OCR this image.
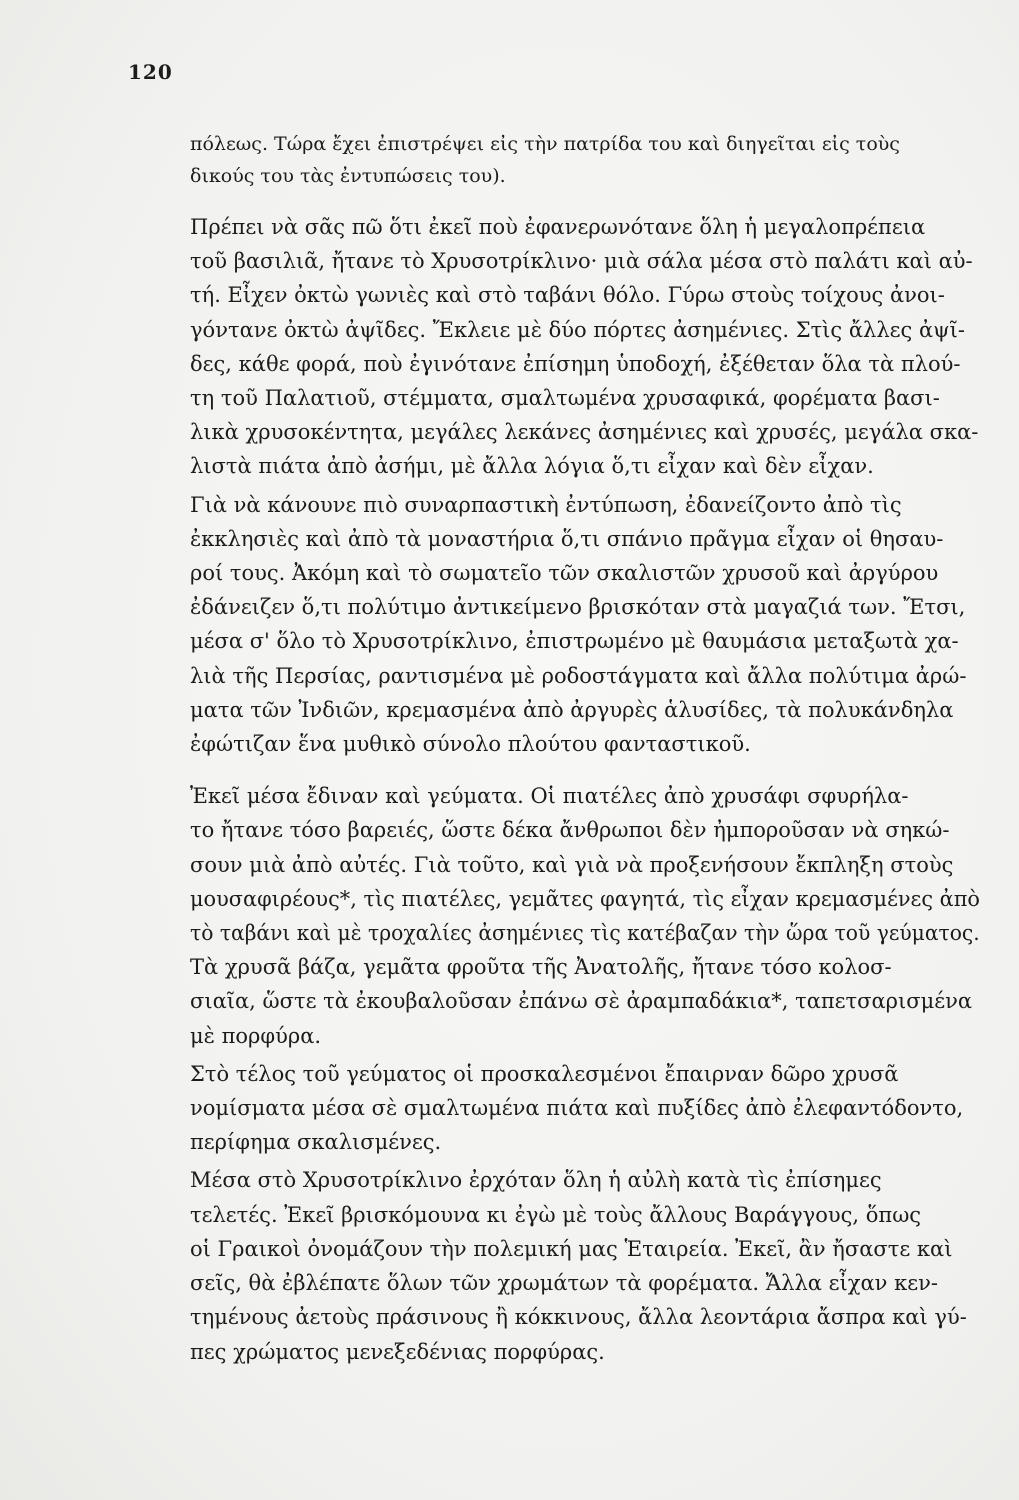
120
πόλεως. Τώρα ἔχει ἐπιστρέψει εἰς τὴν πατρίδα του καὶ διηγεῖται εἰς τοὺς
δικούς του τὰς ἐντυπώσεις του).
Πρέπει νὰ σᾶς πῶ ὅτι ἐκεῖ ποὺ ἐφανερωνότανε ὅλη ἡ μεγαλοπρέπεια
τοῦ βασιλιᾶ, ἤτανε τὸ Χρυσοτρίκλινο· μιὰ σάλα μέσα στὸ παλάτι καὶ αὐ-
τή. Εἶχεν ὀκτὼ γωνιὲς καὶ στὸ ταβάνι θόλο. Γύρω στοὺς τοίχους ἀνοι-
γόντανε ὀκτὼ ἀψῖδες. Ἔκλειε μὲ δύο πόρτες ἀσημένιες. Στὶς ἄλλες ἀψῖ-
δες, κάθε φορά, ποὺ ἐγινότανε ἐπίσημη ὑποδοχή, ἐξέθεταν ὅλα τὰ πλού-
τη τοῦ Παλατιοῦ, στέμματα, σμαλτωμένα χρυσαφικά, φορέματα βασι-
λικὰ χρυσοκέντητα, μεγάλες λεκάνες ἀσημένιες καὶ χρυσές, μεγάλα σκα-
λιστὰ πιάτα ἀπὸ ἀσήμι, μὲ ἄλλα λόγια ὅ,τι εἶχαν καὶ δὲν εἶχαν.
Γιὰ νὰ κάνουνε πιὸ συναρπαστικὴ ἐντύπωση, ἐδανείζοντο ἀπὸ τὶς
ἐκκλησιὲς καὶ ἀπὸ τὰ μοναστήρια ὅ,τι σπάνιο πρᾶγμα εἶχαν οἱ θησαυ-
ροί τους. Ἀκόμη καὶ τὸ σωματεῖο τῶν σκαλιστῶν χρυσοῦ καὶ ἀργύρου
ἐδάνειζεν ὅ,τι πολύτιμο ἀντικείμενο βρισκόταν στὰ μαγαζιά των. Ἔτσι,
μέσα σ' ὅλο τὸ Χρυσοτρίκλινο, ἐπιστρωμένο μὲ θαυμάσια μεταξωτὰ χα-
λιὰ τῆς Περσίας, ραντισμένα μὲ ροδοστάγματα καὶ ἄλλα πολύτιμα ἀρώ-
ματα τῶν Ἰνδιῶν, κρεμασμένα ἀπὸ ἀργυρὲς ἁλυσίδες, τὰ πολυκάνδηλα
ἐφώτιζαν ἕνα μυθικὸ σύνολο πλούτου φανταστικοῦ.
Ἐκεῖ μέσα ἔδιναν καὶ γεύματα. Οἱ πιατέλες ἀπὸ χρυσάφι σφυρήλα-
το ἤτανε τόσο βαρειές, ὥστε δέκα ἄνθρωποι δὲν ἠμποροῦσαν νὰ σηκώ-
σουν μιὰ ἀπὸ αὐτές. Γιὰ τοῦτο, καὶ γιὰ νὰ προξενήσουν ἔκπληξη στοὺς
μουσαφιρέους*, τὶς πιατέλες, γεμᾶτες φαγητά, τὶς εἶχαν κρεμασμένες ἀπὸ
τὸ ταβάνι καὶ μὲ τροχαλίες ἀσημένιες τὶς κατέβαζαν τὴν ὥρα τοῦ γεύματος.
Τὰ χρυσᾶ βάζα, γεμᾶτα φροῦτα τῆς Ἀνατολῆς, ἤτανε τόσο κολοσ-
σιαῖα, ὥστε τὰ ἐκουβαλοῦσαν ἐπάνω σὲ ἀραμπαδάκια*, ταπετσαρισμένα
μὲ πορφύρα.
Στὸ τέλος τοῦ γεύματος οἱ προσκαλεσμένοι ἔπαιρναν δῶρο χρυσᾶ
νομίσματα μέσα σὲ σμαλτωμένα πιάτα καὶ πυξίδες ἀπὸ ἐλεφαντόδοντο,
περίφημα σκαλισμένες.
Μέσα στὸ Χρυσοτρίκλινο ἐρχόταν ὅλη ἡ αὐλὴ κατὰ τὶς ἐπίσημες
τελετές. Ἐκεῖ βρισκόμουνα κι ἐγὼ μὲ τοὺς ἄλλους Βαράγγους, ὅπως
οἱ Γραικοὶ ὀνομάζουν τὴν πολεμική μας Ἑταιρεία. Ἐκεῖ, ἂν ἤσαστε καὶ
σεῖς, θὰ ἐβλέπατε ὅλων τῶν χρωμάτων τὰ φορέματα. Ἄλλα εἶχαν κεν-
τημένους ἀετοὺς πράσινους ἢ κόκκινους, ἄλλα λεοντάρια ἄσπρα καὶ γύ-
πες χρώματος μενεξεδένιας πορφύρας.
